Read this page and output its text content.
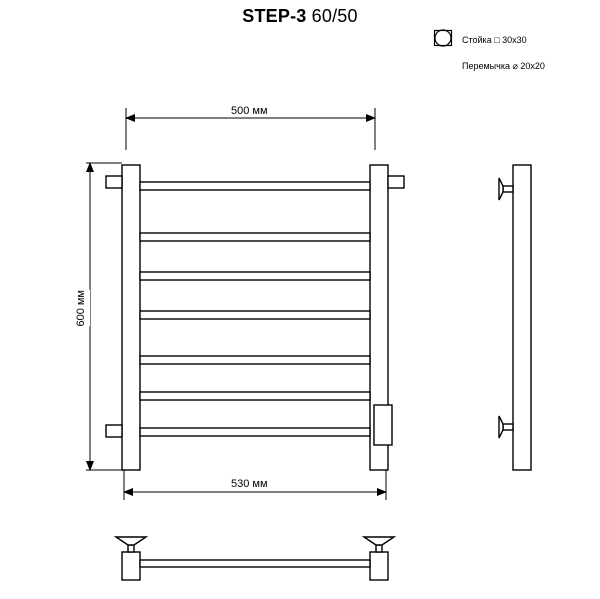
STEP-3 60/50
Стойка □ 30x30
Перемычка ⌀ 20x20
500 мм
530 мм
600 мм
